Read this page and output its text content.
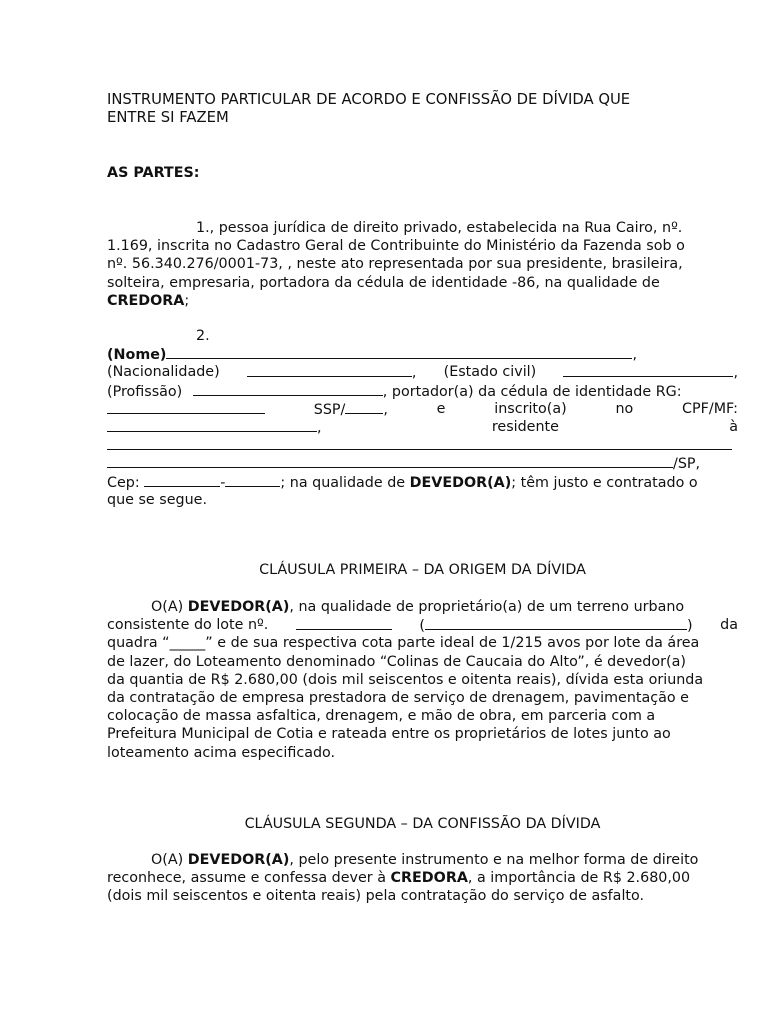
INSTRUMENTO PARTICULAR DE ACORDO E CONFISSÃO DE DÍVIDA QUE
ENTRE SI FAZEM
AS PARTES:
1., pessoa jurídica de direito privado, estabelecida na Rua Cairo, nº.
1.169, inscrita no Cadastro Geral de Contribuinte do Ministério da Fazenda sob o
nº. 56.340.276/0001-73, , neste ato representada por sua presidente, brasileira,
solteira, empresaria, portadora da cédula de identidade -86, na qualidade de
CREDORA;
2.
(Nome)	,
(Nacionalidade)	, (Estado civil)	,
(Profissão)	, portador(a) da cédula de identidade RG:
SSP/	,	e	inscrito(a)	no	CPF/MF:
,	residente	à
/SP,
Cep:	-	; na qualidade de DEVEDOR(A); têm justo e contratado o
que se segue.
CLÁUSULA PRIMEIRA – DA ORIGEM DA DÍVIDA
O(A) DEVEDOR(A), na qualidade de proprietário(a) de um terreno urbano
consistente do lote nº.	(	) da
quadra “_____” e de sua respectiva cota parte ideal de 1/215 avos por lote da área
de lazer, do Loteamento denominado “Colinas de Caucaia do Alto”, é devedor(a)
da quantia de R$ 2.680,00 (dois mil seiscentos e oitenta reais), dívida esta oriunda
da contratação de empresa prestadora de serviço de drenagem, pavimentação e
colocação de massa asfaltica, drenagem, e mão de obra, em parceria com a
Prefeitura Municipal de Cotia e rateada entre os proprietários de lotes junto ao
loteamento acima especificado.
CLÁUSULA SEGUNDA – DA CONFISSÃO DA DÍVIDA
O(A) DEVEDOR(A), pelo presente instrumento e na melhor forma de direito
reconhece, assume e confessa dever à CREDORA, a importância de R$ 2.680,00
(dois mil seiscentos e oitenta reais) pela contratação do serviço de asfalto.
